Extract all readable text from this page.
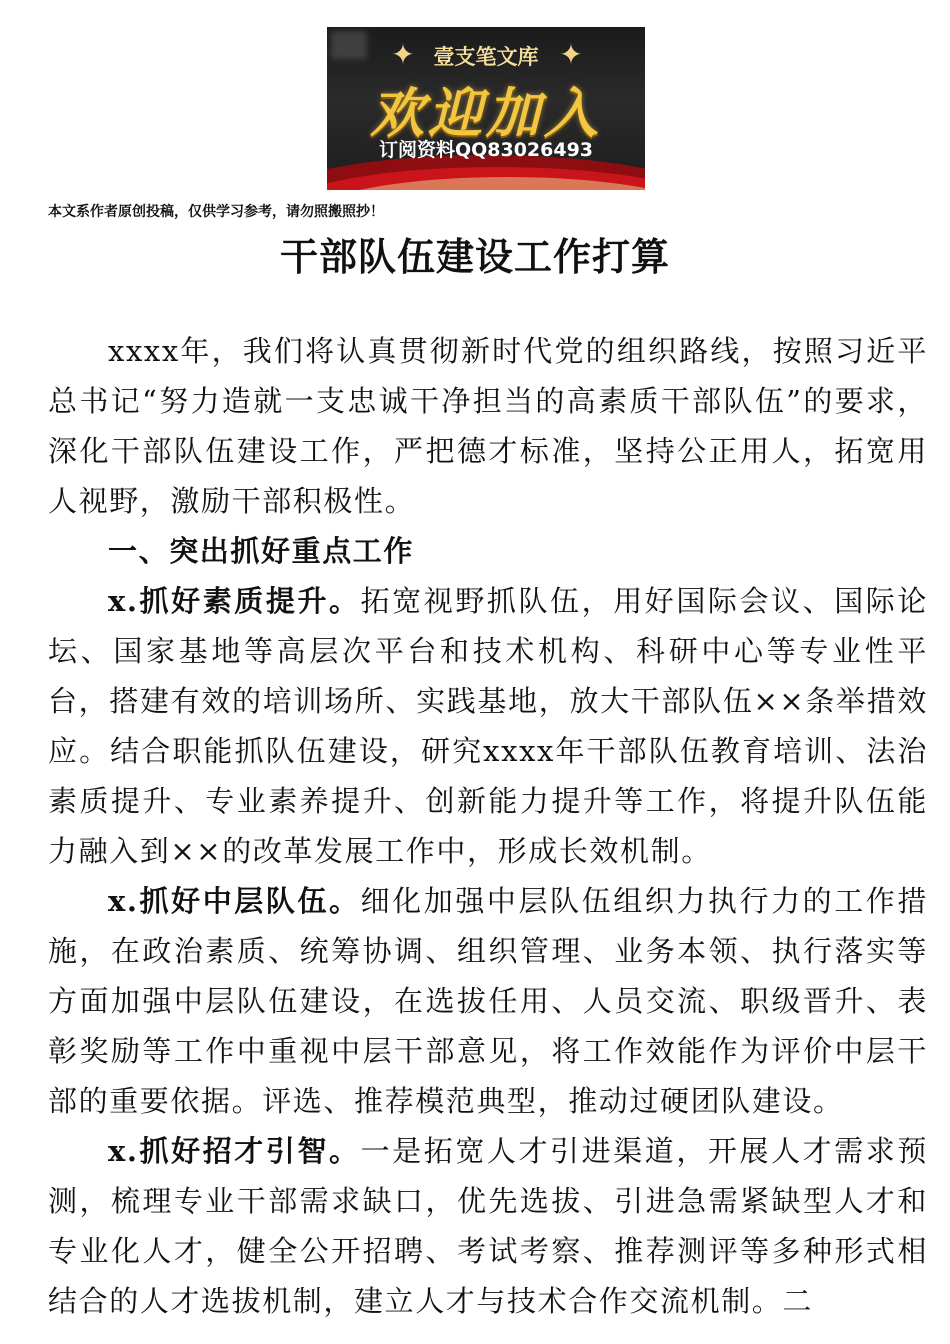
✦	✦
壹支笔文库
欢迎加入
订阅资料QQ83026493
本文系作者原创投稿，仅供学习参考，请勿照搬照抄！
干部队伍建设工作打算

xxxx年，我们将认真贯彻新时代党的组织路线，按照习近平总书记“努力造就一支忠诚干净担当的高素质干部队伍”的要求，深化干部队伍建设工作，严把德才标准，坚持公正用人，拓宽用人视野，激励干部积极性。

一、突出抓好重点工作

x.抓好素质提升。拓宽视野抓队伍，用好国际会议、国际论坛、国家基地等高层次平台和技术机构、科研中心等专业性平台，搭建有效的培训场所、实践基地，放大干部队伍××条举措效应。结合职能抓队伍建设，研究xxxx年干部队伍教育培训、法治素质提升、专业素养提升、创新能力提升等工作，将提升队伍能力融入到××的改革发展工作中，形成长效机制。

x.抓好中层队伍。细化加强中层队伍组织力执行力的工作措施，在政治素质、统筹协调、组织管理、业务本领、执行落实等方面加强中层队伍建设，在选拔任用、人员交流、职级晋升、表彰奖励等工作中重视中层干部意见，将工作效能作为评价中层干部的重要依据。评选、推荐模范典型，推动过硬团队建设。

x.抓好招才引智。一是拓宽人才引进渠道，开展人才需求预测，梳理专业干部需求缺口，优先选拔、引进急需紧缺型人才和专业化人才，健全公开招聘、考试考察、推荐测评等多种形式相结合的人才选拔机制，建立人才与技术合作交流机制。二
